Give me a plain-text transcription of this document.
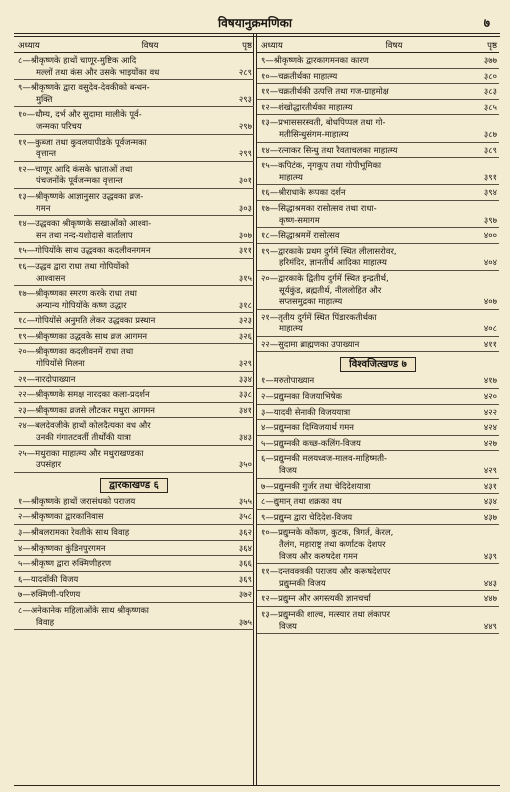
विषयानुक्रमणिका	७
अध्याय	विषय	पृष्ठ
८—श्रीकृष्णके हाथों चाणूर-मुष्टिक आदि
मल्लों तथा कंस और उसके भाइयोंका वध	२८९
९—श्रीकृष्णके द्वारा वसुदेव-देवकीको बन्धन-
मुक्ति	२९३
१०—धौम्य, दर्भ और सुदामा मालीके पूर्व-
जन्मका परिचय	२९७
११—कुब्जा तथा कुवलयापीडके पूर्वजन्मका
वृत्तान्त	२९९
१२—चाणूर आदि कंसके भ्राताओं तथा
पंचजनोंके पूर्वजन्मका वृत्तान्त	३०१
१३—श्रीकृष्णके आज्ञानुसार उद्धवका व्रज-
गमन	३०३
१४—उद्धवका श्रीकृष्णके सखाओंको आश्वा-
सन तथा नन्द-यशोदासे वार्तालाप	३०७
१५—गोपियोंके साथ उद्धवका कदलीवनगमन	३११
१६—उद्धव द्वारा राधा तथा गोपियोंको
आश्वासन	३१५
१७—श्रीकृष्णका स्मरण करके राधा तथा
अन्यान्य गोपियोंके कष्ण उद्धार	३१८
१८—गोपियोंसे अनुमति लेकर उद्धवका प्रस्थान	३२३
१९—श्रीकृष्णका उद्धवके साथ व्रज आगमन	३२६
२०—श्रीकृष्णका कदलीवनमें राधा तथा
गोपियोंसे मिलना	३२९
२१—नारदोपाख्यान	३३४
२२—श्रीकृष्णके समक्ष नारदका कला-प्रदर्शन	३३८
२३—श्रीकृष्णका व्रजसे लौटकर मथुरा आगमन	३४१
२४—बलदेवजीके हाथों कोलदैत्यका वध और
उनकी गंगातटवर्ती तीर्थोंकी यात्रा	३४३
२५—मथुराका माहात्म्य और मथुराखण्डका
उपसंहार	३५०
द्वारकाखण्ड ६
१—श्रीकृष्णके हाथों जरासंधको पराजय	३५५
२—श्रीकृष्णका द्वारकानिवास	३५८
३—श्रीबलरामका रेवतीके साथ विवाह	३६२
४—श्रीकृष्णका कुंडिनपुरगमन	३६४
५—श्रीकृष्ण द्वारा रुक्मिणीहरण	३६६
६—यादवोंकी विजय	३६९
७—रुक्मिणी-परिणय	३७२
८—अनेकानेक महिलाओंके साथ श्रीकृष्णका
विवाह	३७५
अध्याय	विषय	पृष्ठ
९—श्रीकृष्णके द्वारकागमनका कारण	३७७
१०—चक्रतीर्थका माहात्म्य	३८०
११—चक्रतीर्थकी उत्पत्ति तथा गज-ग्राहमोक्ष	३८३
१२—शंखोद्धारतीर्थका माहात्म्य	३८५
१३—प्रभाससरस्वती, बोधपिप्पल तथा गो-
मतीसिन्धुसंगम-माहात्म्य	३८७
१४—रत्नाकर सिन्धु तथा रैवताचलका माहात्म्य	३८९
१५—कपिटंक, नृगकूप तथा गोपीभूमिका
माहात्म्य	३९१
१६—श्रीराधाके रूपका दर्शन	३९४
१७—सिद्धाश्रमका रासोत्सव तथा राधा-
कृष्ण-समागम	३९७
१८—सिद्धाश्रममें रासोत्सव	४००
१९—द्वारकाके प्रथम दुर्गमें स्थित लीलासरोवर,
हरिमंदिर, ज्ञानतीर्थ आदिका माहात्म्य	४०४
२०—द्वारकाके द्वितीय दुर्गमें स्थित इन्द्रतीर्थ,
सूर्यकुंड, ब्रह्मतीर्थ, नीललोहित और
सप्तसमुद्रका माहात्म्य	४०७
२१—तृतीय दुर्गमें स्थित पिंडारकतीर्थका
माहात्म्य	४०८
२२—सुदामा ब्राह्मणका उपाख्यान	४११
विश्वजित्खण्ड ७
१—मरुतोपाख्यान	४१७
२—प्रद्युम्नका विजयाभिषेक	४२०
३—यादवी सेनाकी विजययात्रा	४२२
४—प्रद्युम्नका दिग्विजयार्थ गमन	४२४
५—प्रद्युम्नकी कच्छ-कलिंग-विजय	४२७
६—प्रद्युम्नकी मलयध्वज-मालव-माहिष्मती-
विजय	४२९
७—प्रद्युम्नकी गुर्जर तथा चेदिदेशयात्रा	४३१
८—द्युमान् तथा शक्रका वध	४३४
९—प्रद्युम्न द्वारा चेदिदेश-विजय	४३७
१०—प्रद्युम्नके कोंकण, कुटक, त्रिगर्त, केरल,
तैलंग, महाराष्ट्र तथा कर्णाटक देशपर
विजय और करुषदेश गमन	४३९
११—दन्तवक्त्रकी पराजय और करूषदेशपर
प्रद्युम्नकी विजय	४४३
१२—प्रद्युम्न और अगस्त्यकी ज्ञानचर्चा	४४७
१३—प्रद्युम्नकी शाल्व, मत्स्यार तथा लंकापर
विजय	४४९
